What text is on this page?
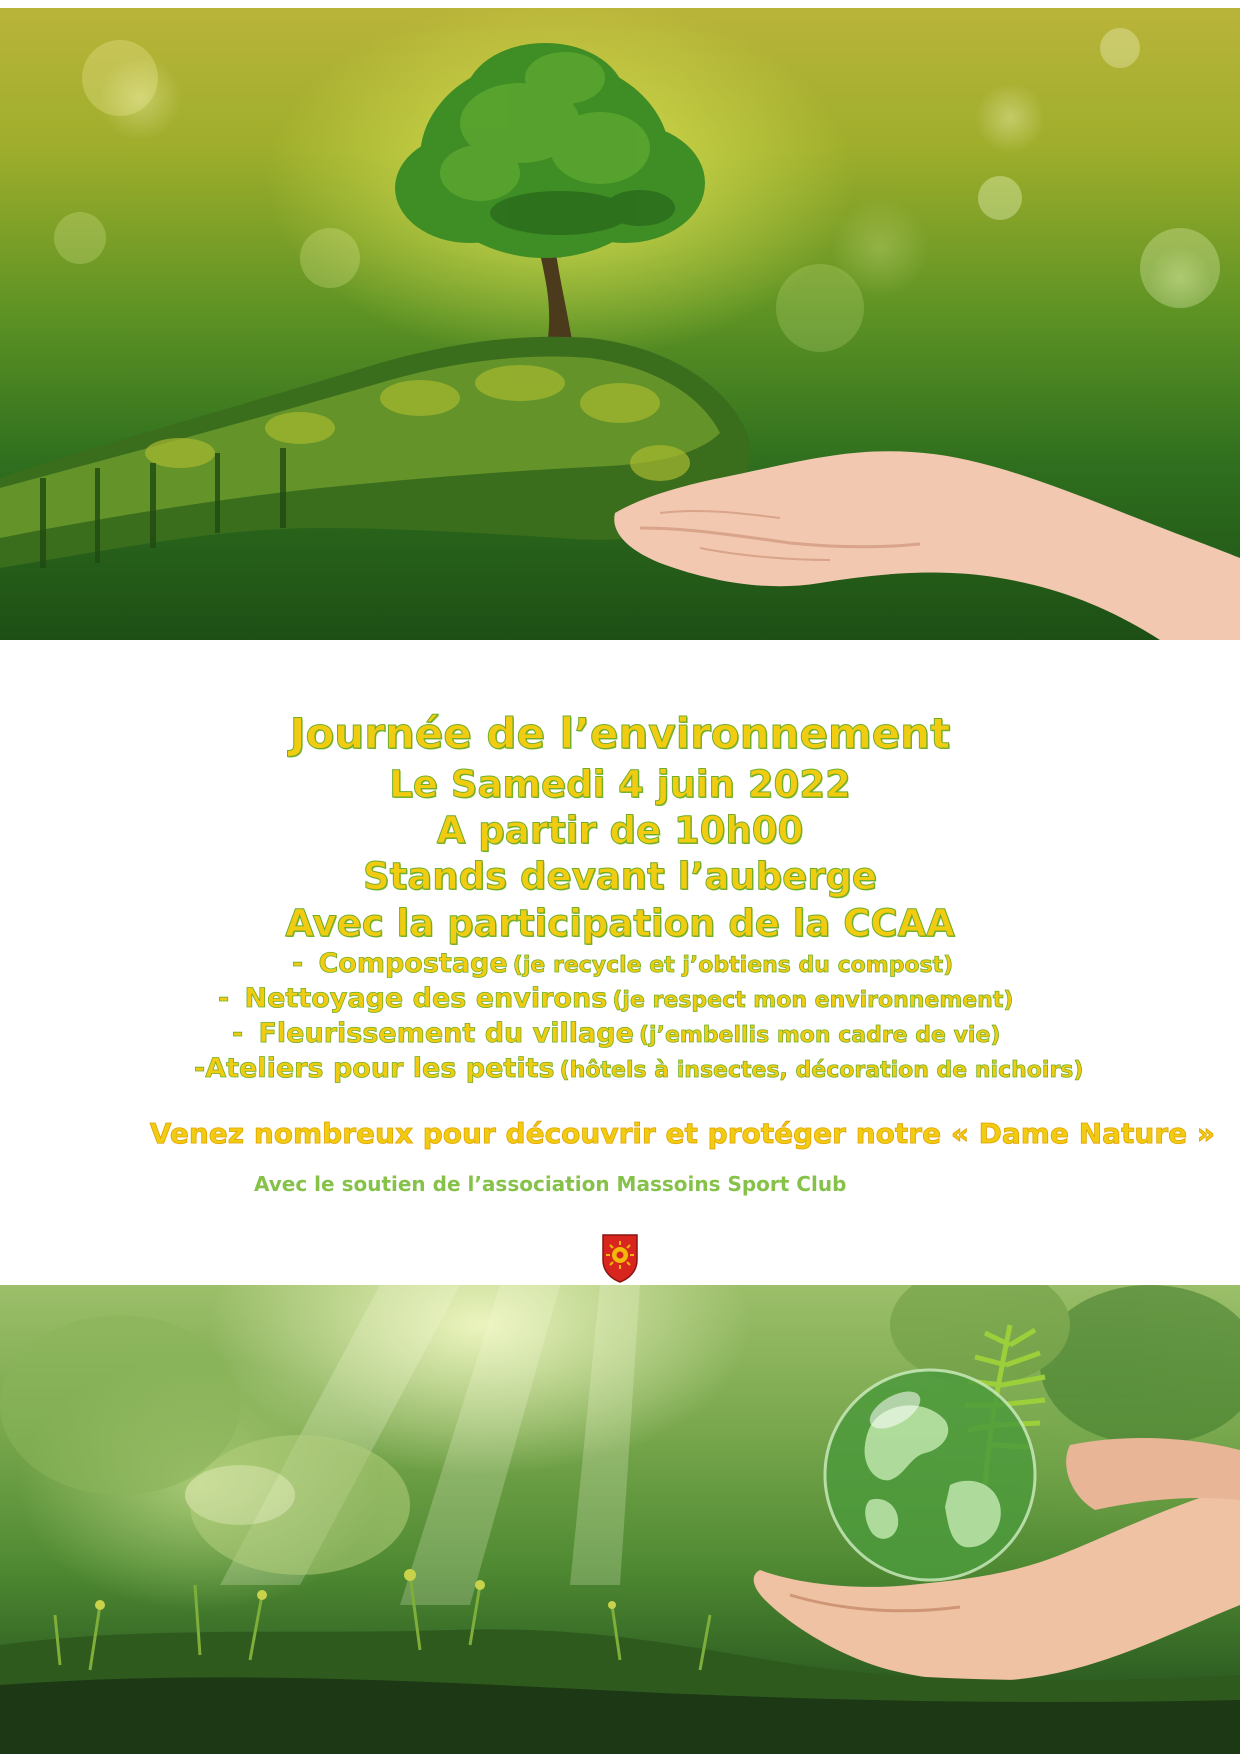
Journée de l’environnement
Le Samedi 4 juin 2022
A partir de 10h00
Stands devant l’auberge
Avec la participation de la CCAA
- Compostage (je recycle et j’obtiens du compost)
- Nettoyage des environs (je respect mon environnement)
- Fleurissement du village (j’embellis mon cadre de vie)
-Ateliers pour les petits (hôtels à insectes, décoration de nichoirs)
Venez nombreux pour découvrir et protéger notre « Dame Nature »
Avec le soutien de l’association Massoins Sport Club
